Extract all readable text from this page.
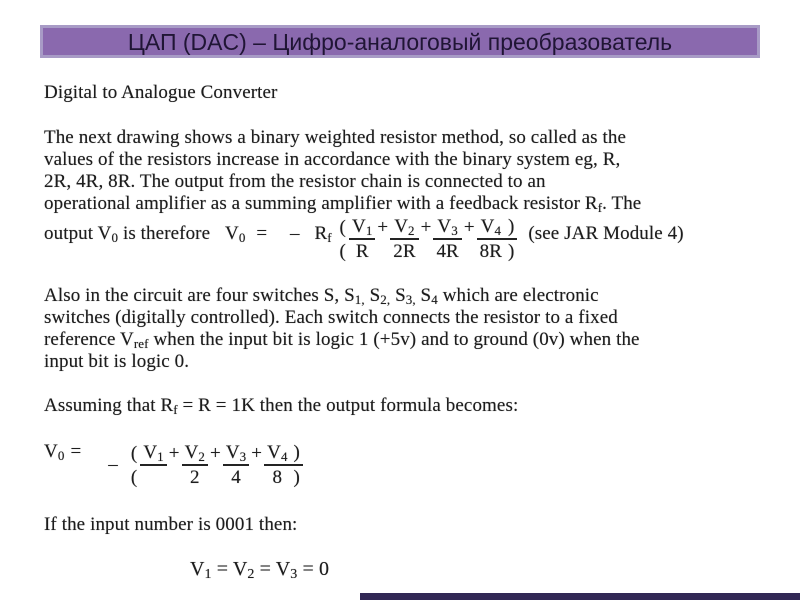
ЦАП (DAC) – Цифро-аналоговый преобразователь
Digital to Analogue Converter
The next drawing shows a binary weighted resistor method, so called as the
values of the resistors increase in accordance with the binary system eg, R,
2R, 4R, 8R. The output from the resistor chain is connected to an
operational amplifier as a summing amplifier with a feedback resistor $R_f$. The
output $V_0$ is therefore $V_0$ = – $R_f$ (	$V_1$	+	$V_2$	+	$V_3$	+	$V_4$	)
(	R		2R		4R		8R	) (see JAR Module 4)
Also in the circuit are four switches S, $S_{1,}$ $S_{2,}$ $S_{3,}$ $S_4$ which are electronic
switches (digitally controlled). Each switch connects the resistor to a fixed
reference $V_{ref}$ when the input bit is logic 1 (+5v) and to ground (0v) when the
input bit is logic 0.
Assuming that $R_f = R = 1K$ then the output formula becomes:
$V_0$ =
–
(	$V_1$	+	$V_2$	+	$V_3$	+	$V_4$	)
(			2		4		8	)
If the input number is 0001 then:
$V_1 = V_2 = V_3 = 0$
